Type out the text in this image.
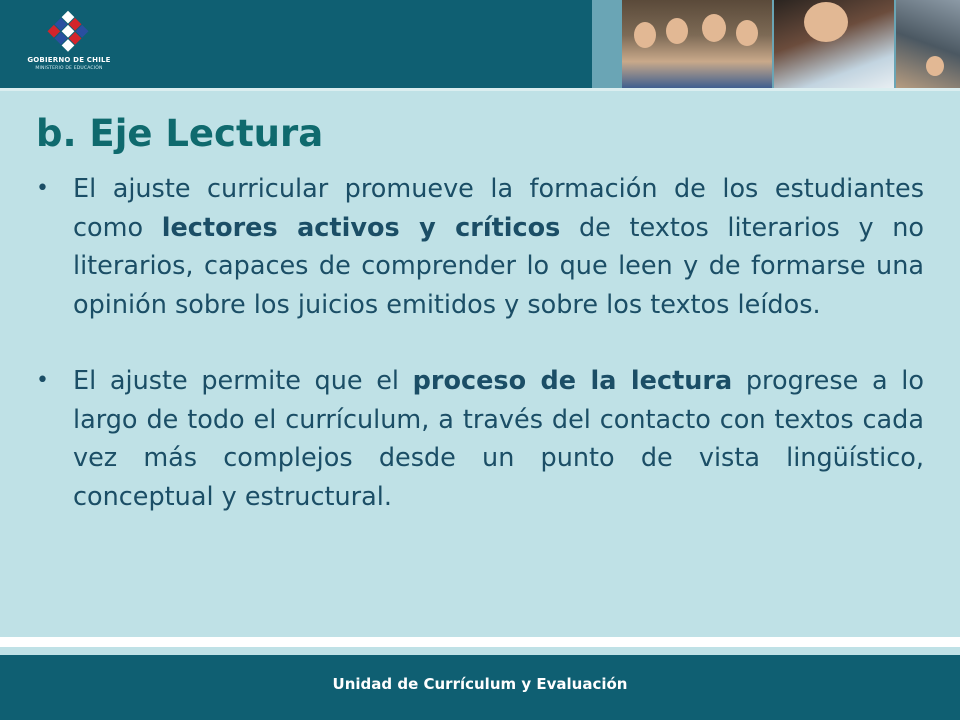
GOBIERNO DE CHILE
MINISTERIO DE EDUCACIÓN
b. Eje Lectura

• El ajuste curricular promueve la formación de los estudiantes como lectores activos y críticos de textos literarios y no literarios, capaces de comprender lo que leen y de formarse una opinión sobre los juicios emitidos y sobre los textos leídos.

• El ajuste permite que el proceso de la lectura progrese a lo largo de todo el currículum, a través del contacto con textos cada vez más complejos desde un punto de vista lingüístico, conceptual y estructural.

Unidad de Currículum y Evaluación
